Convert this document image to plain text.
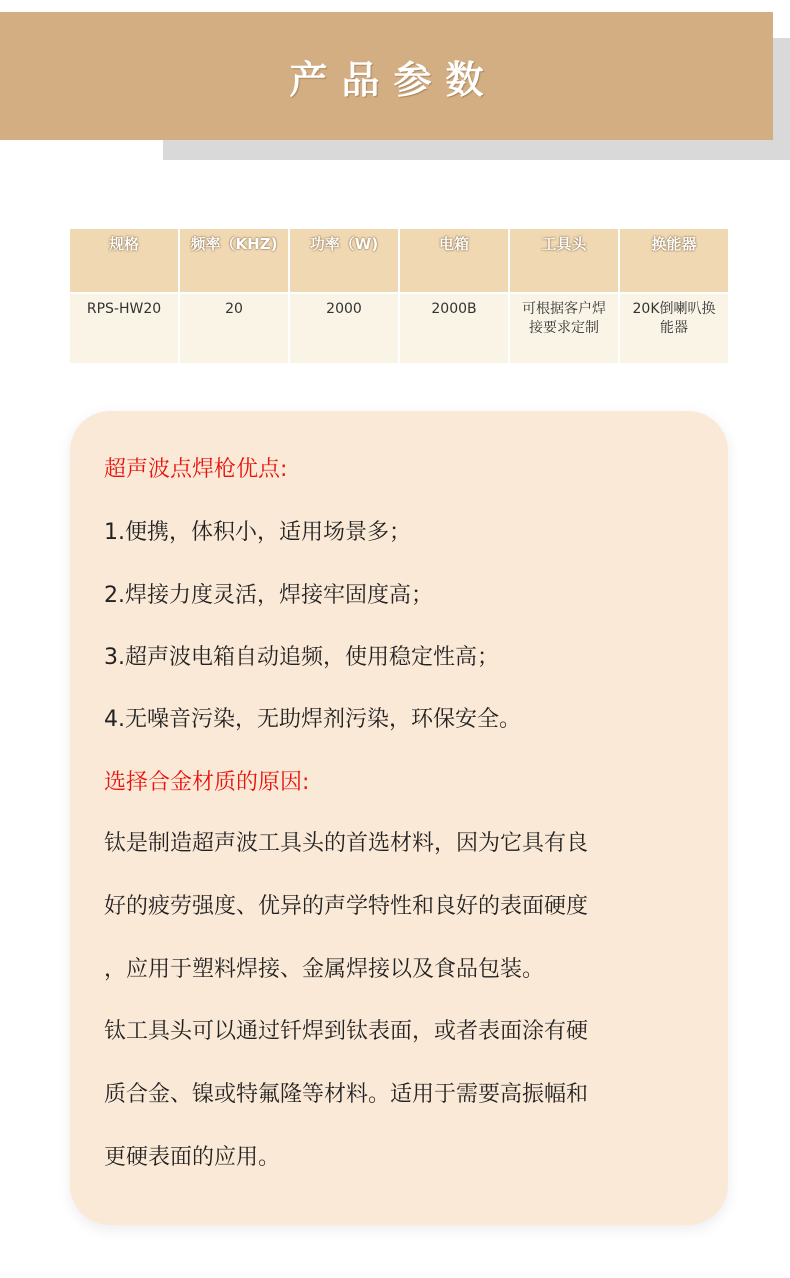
产品参数
规格	频率（KHZ)	功率（W)	电箱	工具头	换能器
RPS-HW20	20	2000	2000B	可根据客户焊接要求定制	20K倒喇叭换能器
超声波点焊枪优点:
1.便携，体积小，适用场景多；
2.焊接力度灵活，焊接牢固度高；
3.超声波电箱自动追频，使用稳定性高；
4.无噪音污染，无助焊剂污染，环保安全。
选择合金材质的原因:
钛是制造超声波工具头的首选材料，因为它具有良
好的疲劳强度、优异的声学特性和良好的表面硬度
，应用于塑料焊接、金属焊接以及食品包装。
钛工具头可以通过钎焊到钛表面，或者表面涂有硬
质合金、镍或特氟隆等材料。适用于需要高振幅和
更硬表面的应用。
